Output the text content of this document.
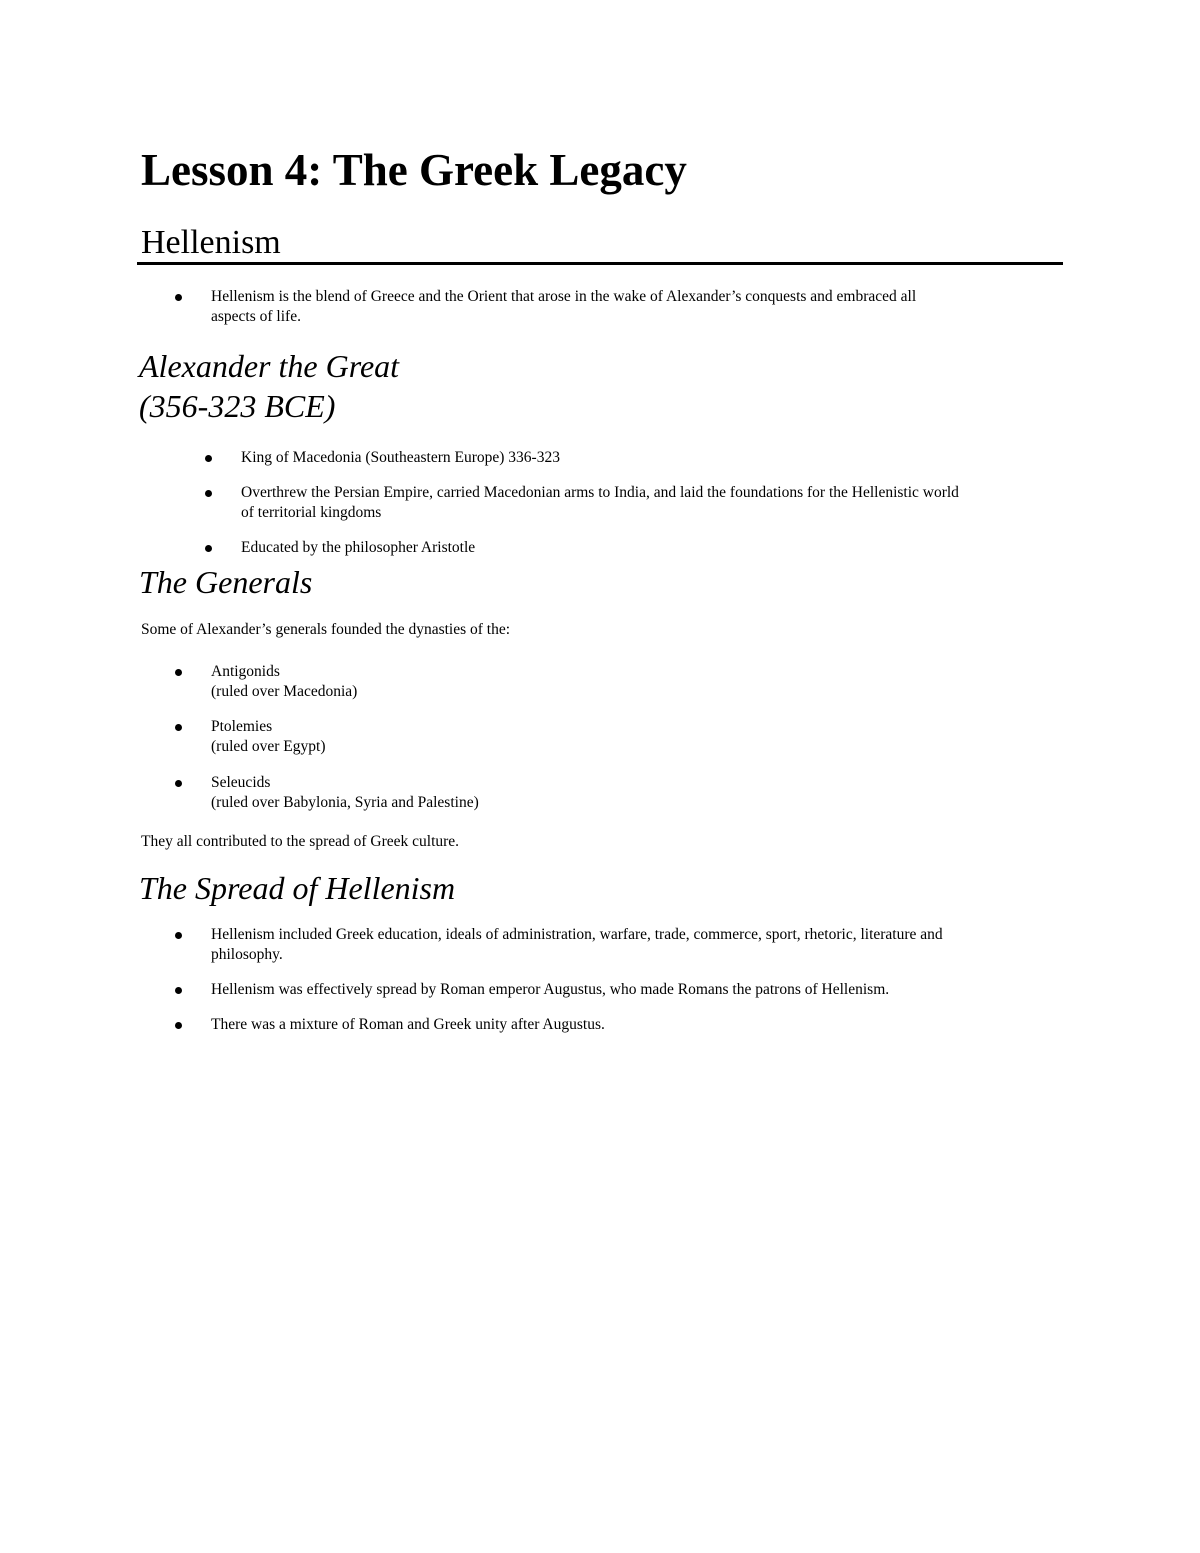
Lesson 4: The Greek Legacy
Hellenism
Hellenism is the blend of Greece and the Orient that arose in the wake of Alexander’s conquests and embraced all
aspects of life.
Alexander the Great
(356-323 BCE)
King of Macedonia (Southeastern Europe) 336-323
Overthrew the Persian Empire, carried Macedonian arms to India, and laid the foundations for the Hellenistic world
of territorial kingdoms
Educated by the philosopher Aristotle
The Generals

Some of Alexander’s generals founded the dynasties of the:

Antigonids
(ruled over Macedonia)
Ptolemies
(ruled over Egypt)
Seleucids
(ruled over Babylonia, Syria and Palestine)

They all contributed to the spread of Greek culture.

The Spread of Hellenism
Hellenism included Greek education, ideals of administration, warfare, trade, commerce, sport, rhetoric, literature and
philosophy.
Hellenism was effectively spread by Roman emperor Augustus, who made Romans the patrons of Hellenism.
There was a mixture of Roman and Greek unity after Augustus.
